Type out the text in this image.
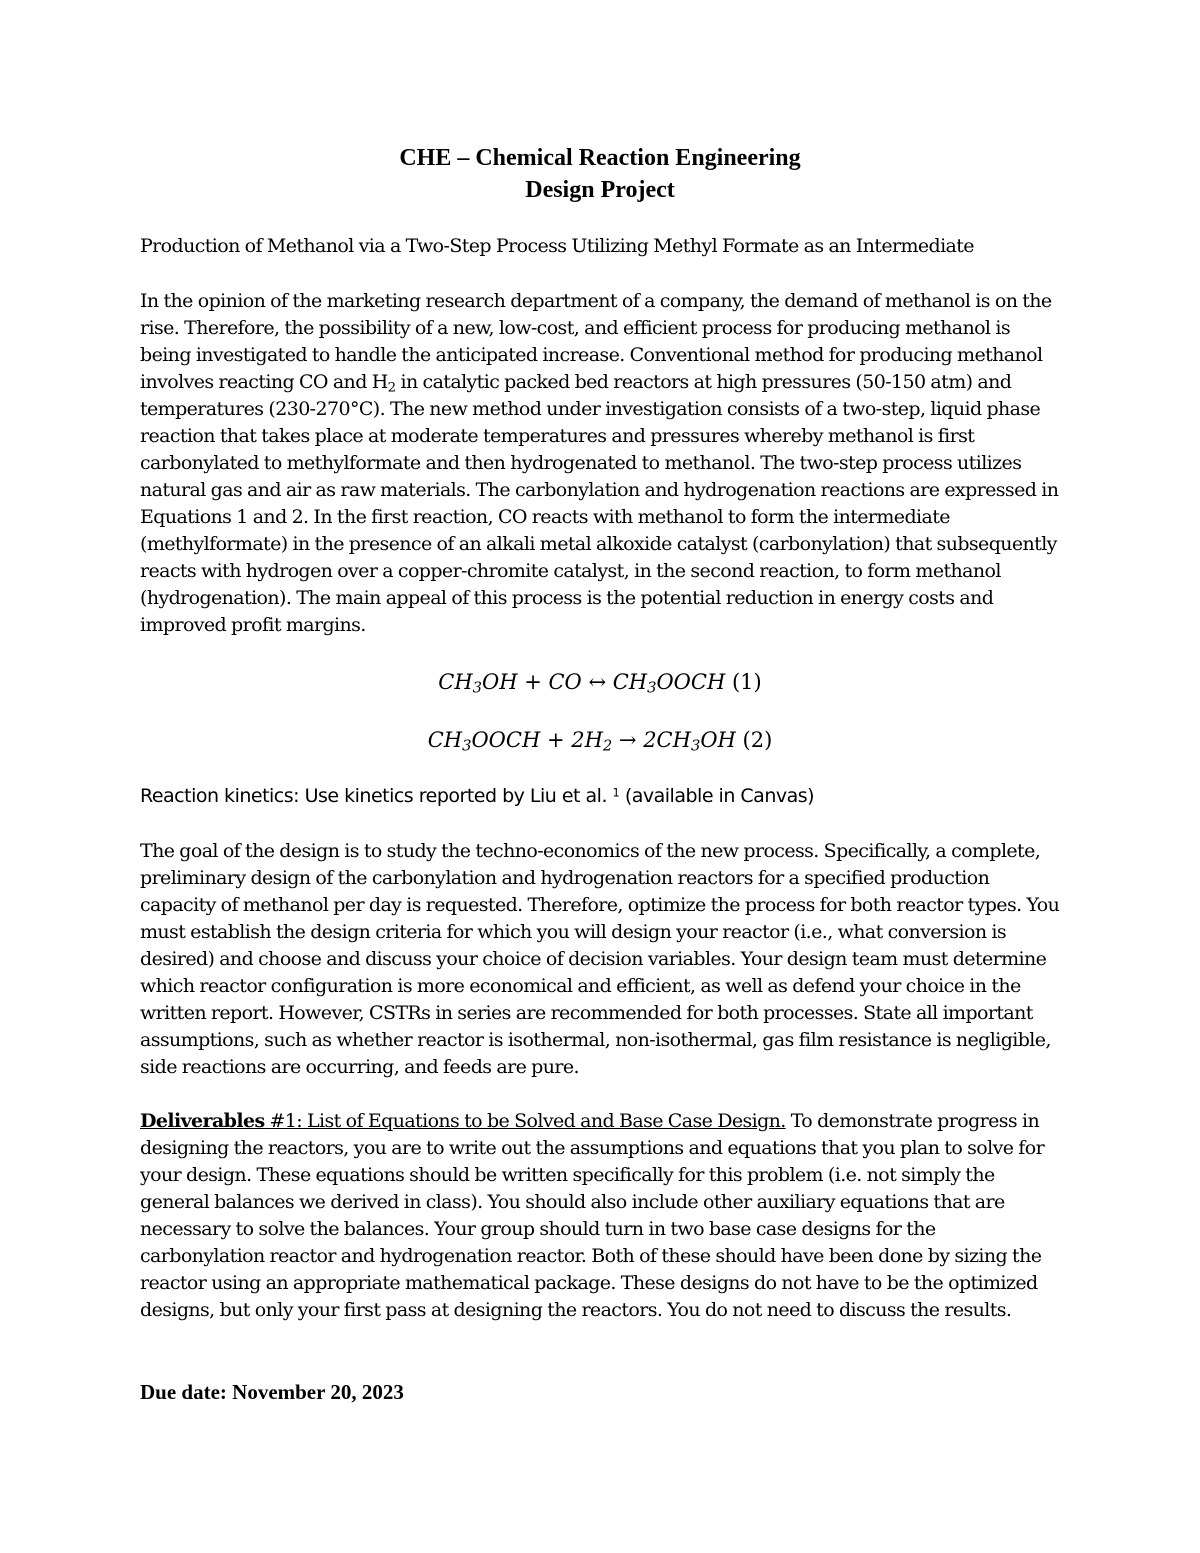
CHE – Chemical Reaction Engineering
Design Project

Production of Methanol via a Two-Step Process Utilizing Methyl Formate as an Intermediate

In the opinion of the marketing research department of a company, the demand of methanol is on the rise. Therefore, the possibility of a new, low-cost, and efficient process for producing methanol is being investigated to handle the anticipated increase. Conventional method for producing methanol involves reacting CO and $H_2$ in catalytic packed bed reactors at high pressures (50-150 atm) and temperatures (230-270°C). The new method under investigation consists of a two-step, liquid phase reaction that takes place at moderate temperatures and pressures whereby methanol is first carbonylated to methylformate and then hydrogenated to methanol. The two-step process utilizes natural gas and air as raw materials. The carbonylation and hydrogenation reactions are expressed in Equations 1 and 2. In the first reaction, CO reacts with methanol to form the intermediate (methylformate) in the presence of an alkali metal alkoxide catalyst (carbonylation) that subsequently reacts with hydrogen over a copper-chromite catalyst, in the second reaction, to form methanol (hydrogenation). The main appeal of this process is the potential reduction in energy costs and improved profit margins.

$CH_3OH$ + CO ↔ $CH_3OOCH$ (1)
$CH_3OOCH + 2H_2 \to 2CH_3OH$ (2)
Reaction kinetics: Use kinetics reported by Liu et al. $^1$ (available in Canvas)

The goal of the design is to study the techno-economics of the new process. Specifically, a complete, preliminary design of the carbonylation and hydrogenation reactors for a specified production capacity of methanol per day is requested. Therefore, optimize the process for both reactor types. You must establish the design criteria for which you will design your reactor (i.e., what conversion is desired) and choose and discuss your choice of decision variables. Your design team must determine which reactor configuration is more economical and efficient, as well as defend your choice in the written report. However, CSTRs in series are recommended for both processes. State all important assumptions, such as whether reactor is isothermal, non-isothermal, gas film resistance is negligible, side reactions are occurring, and feeds are pure.

Deliverables #1: List of Equations to be Solved and Base Case Design. To demonstrate progress in designing the reactors, you are to write out the assumptions and equations that you plan to solve for your design. These equations should be written specifically for this problem (i.e. not simply the general balances we derived in class). You should also include other auxiliary equations that are necessary to solve the balances. Your group should turn in two base case designs for the carbonylation reactor and hydrogenation reactor. Both of these should have been done by sizing the reactor using an appropriate mathematical package. These designs do not have to be the optimized designs, but only your first pass at designing the reactors. You do not need to discuss the results.

Due date: November 20, 2023
